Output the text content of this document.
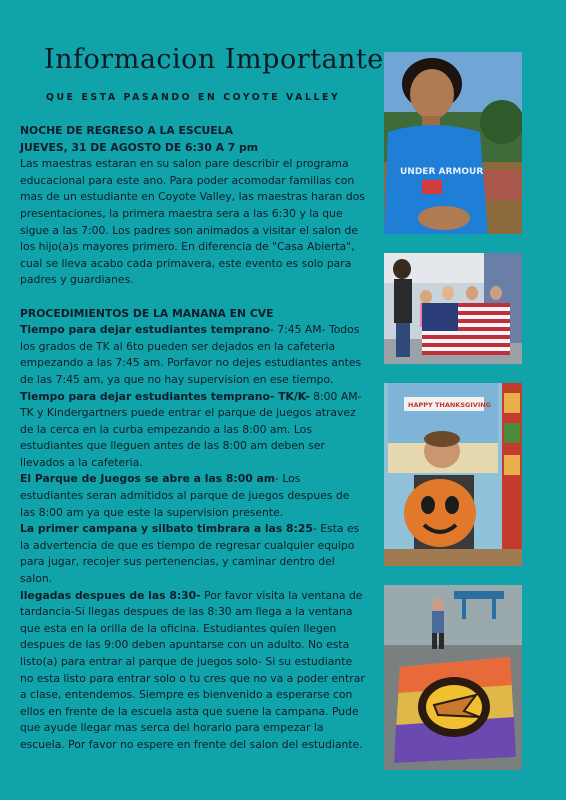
Informacion Importante
QUE ESTA PASANDO EN COYOTE VALLEY
NOCHE DE REGRESO A LA ESCUELA
JUEVES, 31 DE AGOSTO DE 6:30 A 7 pm
Las maestras estaran en su salon pare describir el programa educacional para este ano. Para poder acomodar familias con mas de un estudiante en Coyote Valley, las maestras haran dos presentaciones, la primera maestra sera a las 6:30 y la que sigue a las 7:00. Los padres son animados a visitar el salon de los hijo(a)s mayores primero. En diferencia de "Casa Abierta", cual se lleva acabo cada primavera, este evento es solo para padres y guardianes.
PROCEDIMIENTOS DE LA MANANA EN CVE
Tiempo para dejar estudiantes temprano- 7:45 AM- Todos los grados de TK al 6to pueden ser dejados en la cafeteria empezando a las 7:45 am. Porfavor no dejes estudiantes antes de las 7:45 am, ya que no hay supervision en ese tiempo.
Tiempo para dejar estudiantes temprano- TK/K- 8:00 AM- TK y Kindergartners puede entrar el parque de juegos atravez de la cerca en la curba empezando a las 8:00 am. Los estudiantes que lleguen antes de las 8:00 am deben ser llevados a la cafeteria.
El Parque de Juegos se abre a las 8:00 am- Los estudiantes seran admitidos al parque de juegos despues de las 8:00 am ya que este la supervision presente.
La primer campana y silbato timbrara a las 8:25- Esta es la advertencia de que es tiempo de regresar cualquier equipo para jugar, recojer sus pertenencias, y caminar dentro del salon.
llegadas despues de las 8:30- Por favor visita la ventana de tardancia-Si llegas despues de las 8:30 am llega a la ventana que esta en la orilla de la oficina. Estudiantes quien llegen despues de las 9:00 deben apuntarse con un adulto. No esta listo(a) para entrar al parque de juegos solo- Si su estudiante no esta listo para entrar solo o tu cres que no va a poder entrar a clase, entendemos. Siempre es bienvenido a esperarse con ellos en frente de la escuela asta que suene la campana. Pude que ayude llegar mas serca del horario para empezar la escuela. Por favor no espere en frente del salon del estudiante.
UNDER ARMOUR
HAPPY THANKSGIVING
